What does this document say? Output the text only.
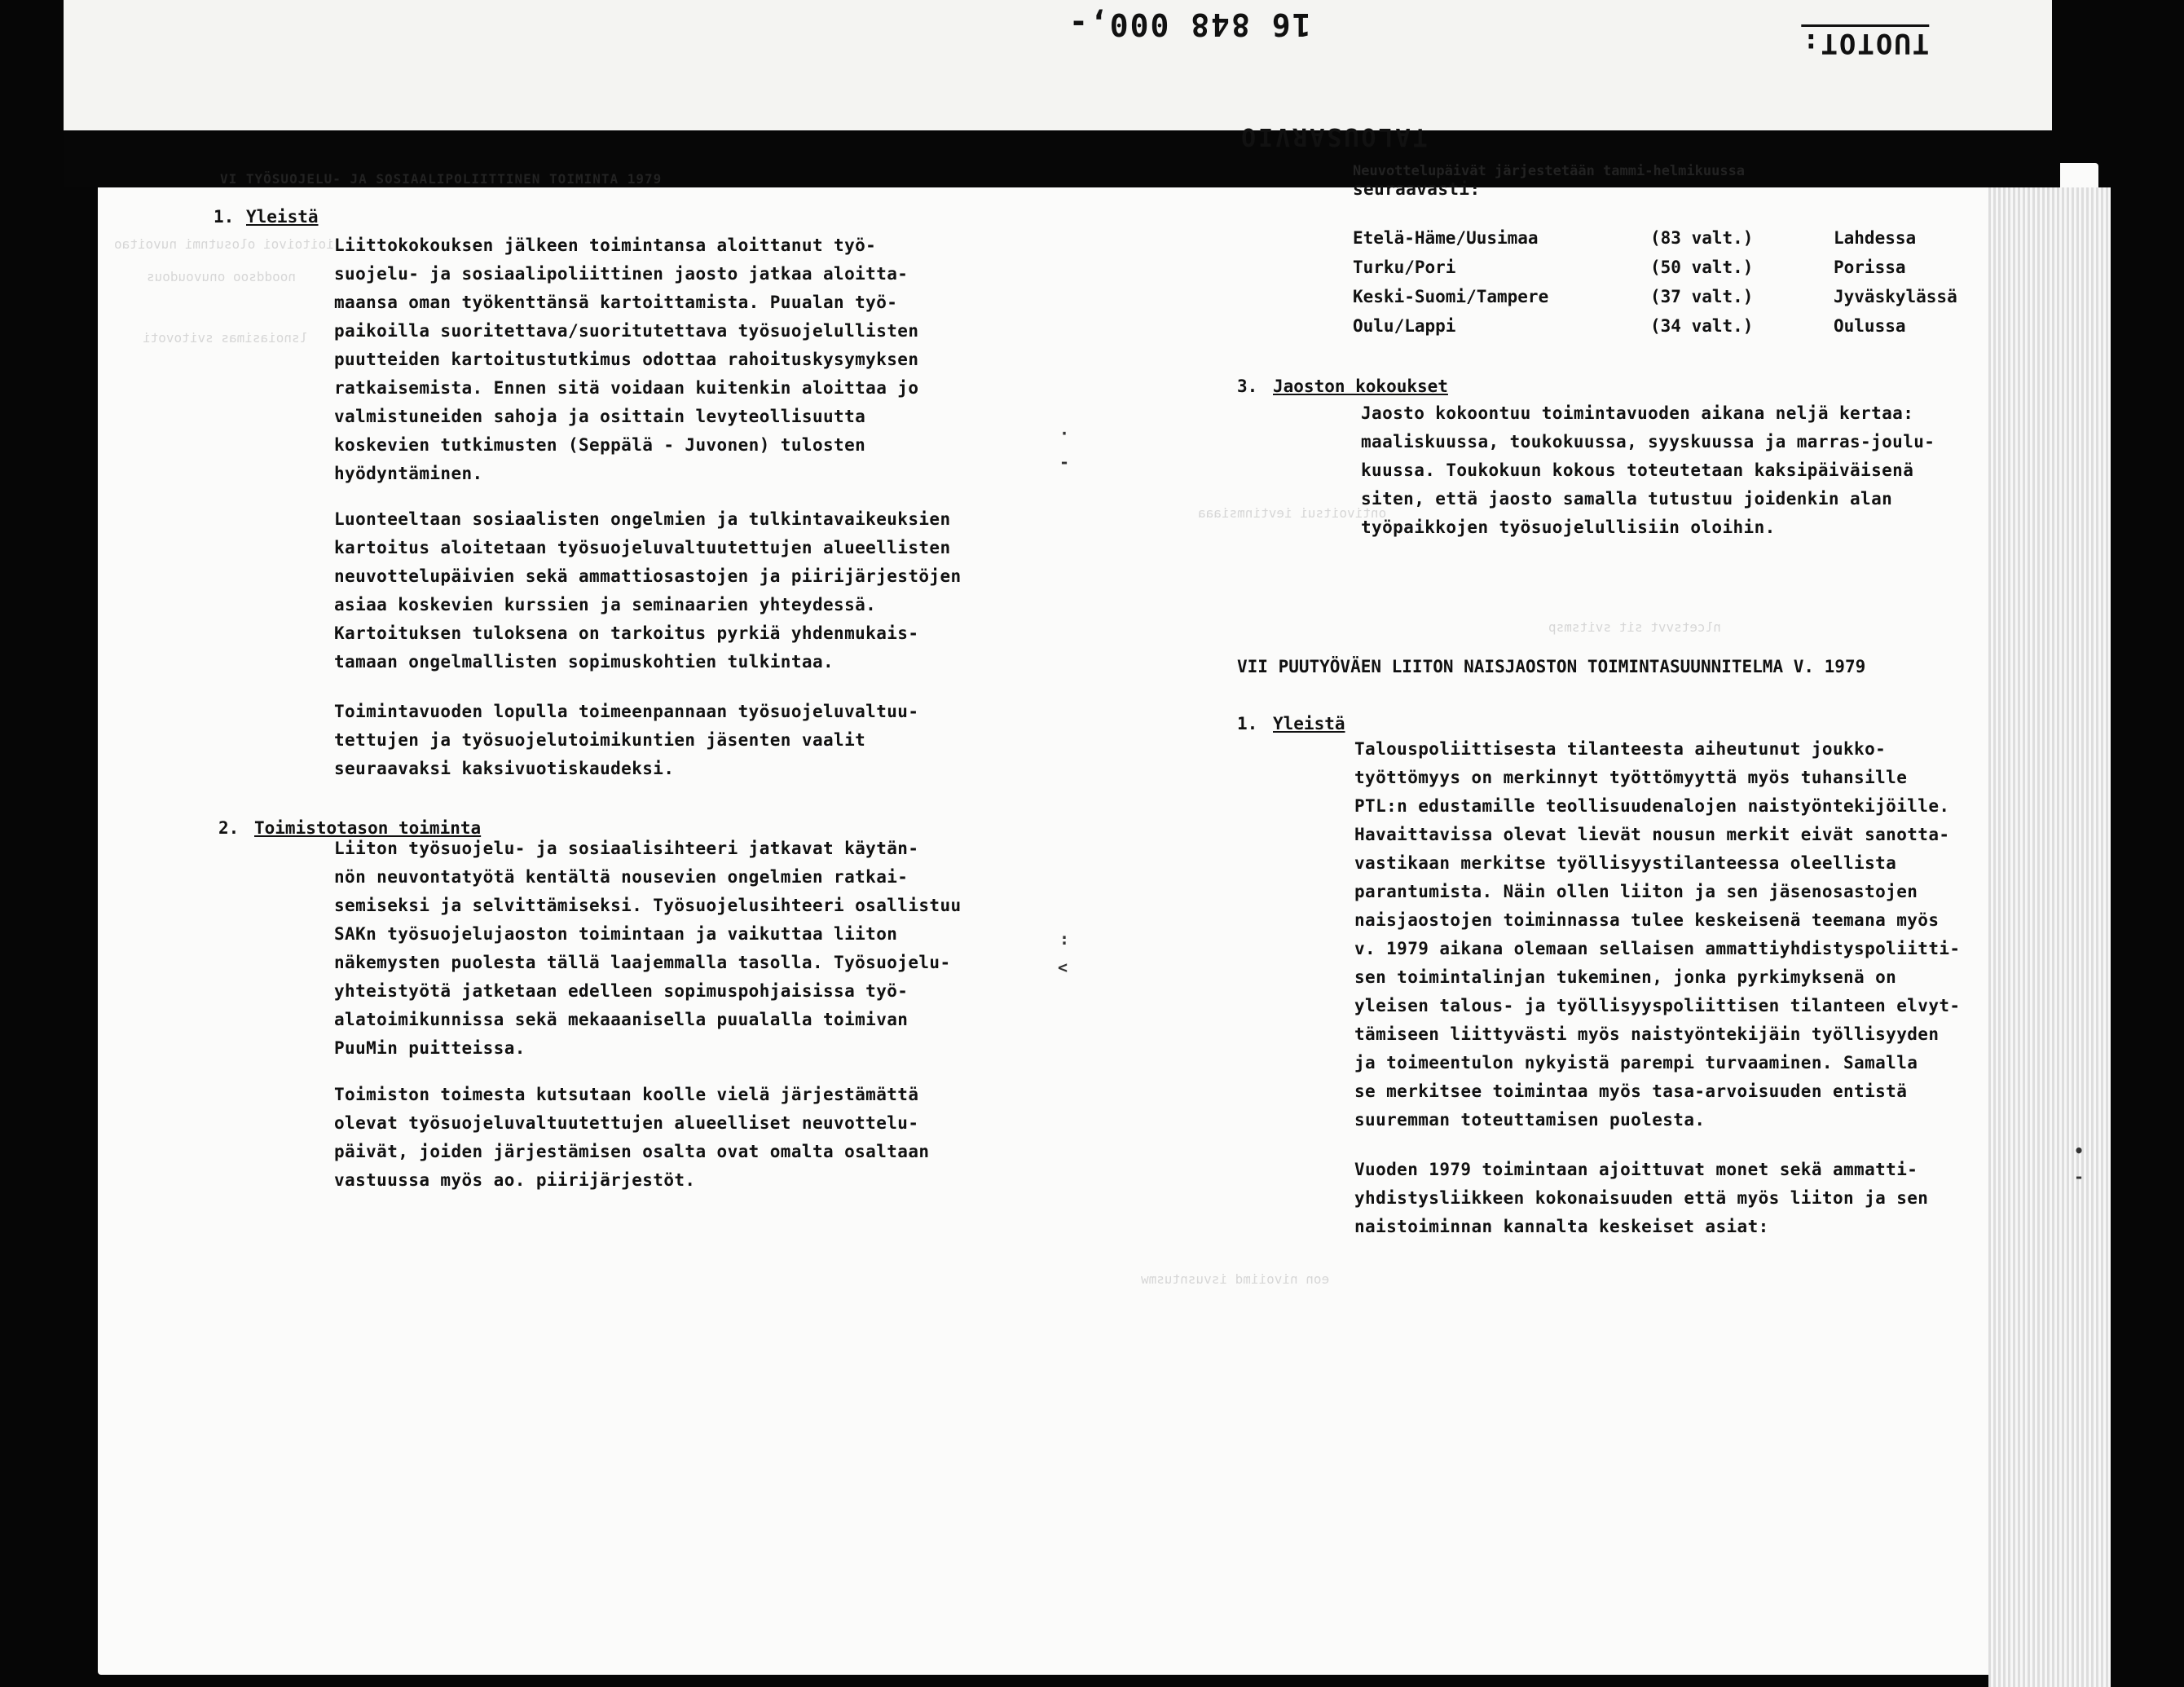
16 848 000,-
TUOTOT:
TALOUSARVIO
ioitoivoi olosutnmi nuvoitao
nooddsoo onuvoudous
lsnoiasimas svitovoti
ontivoitsui ievtinmsiaaa
nlcetsvvt sit svitsmsp
eon nivoiimd isvusntusmw
VI TYÖSUOJELU- JA SOSIAALIPOLIITTINEN TOIMINTA 1979
1. Yleistä
Liittokokouksen jälkeen toimintansa aloittanut työ-
suojelu- ja sosiaalipoliittinen jaosto jatkaa aloitta-
maansa oman työkenttänsä kartoittamista. Puualan työ-
paikoilla suoritettava/suoritutettava työsuojelullisten
puutteiden kartoitustutkimus odottaa rahoituskysymyksen
ratkaisemista. Ennen sitä voidaan kuitenkin aloittaa jo
valmistuneiden sahoja ja osittain levyteollisuutta
koskevien tutkimusten (Seppälä - Juvonen) tulosten
hyödyntäminen.
Luonteeltaan sosiaalisten ongelmien ja tulkintavaikeuksien
kartoitus aloitetaan työsuojeluvaltuutettujen alueellisten
neuvottelupäivien sekä ammattiosastojen ja piirijärjestöjen
asiaa koskevien kurssien ja seminaarien yhteydessä.
Kartoituksen tuloksena on tarkoitus pyrkiä yhdenmukais-
tamaan ongelmallisten sopimuskohtien tulkintaa.
Toimintavuoden lopulla toimeenpannaan työsuojeluvaltuu-
tettujen ja työsuojelutoimikuntien jäsenten vaalit
seuraavaksi kaksivuotiskaudeksi.
2. Toimistotason toiminta
Liiton työsuojelu- ja sosiaalisihteeri jatkavat käytän-
nön neuvontatyötä kentältä nousevien ongelmien ratkai-
semiseksi ja selvittämiseksi. Työsuojelusihteeri osallistuu
SAKn työsuojelujaoston toimintaan ja vaikuttaa liiton
näkemysten puolesta tällä laajemmalla tasolla. Työsuojelu-
yhteistyötä jatketaan edelleen sopimuspohjaisissa työ-
alatoimikunnissa sekä mekaaanisella puualalla toimivan
PuuMin puitteissa.
Toimiston toimesta kutsutaan koolle vielä järjestämättä
olevat työsuojeluvaltuutettujen alueelliset neuvottelu-
päivät, joiden järjestämisen osalta ovat omalta osaltaan
vastuussa myös ao. piirijärjestöt.
·
-
:
<
•
-
Neuvottelupäivät järjestetään tammi-helmikuussa
seuraavasti:
Etelä-Häme/Uusimaa	(83 valt.)	Lahdessa
Turku/Pori	(50 valt.)	Porissa
Keski-Suomi/Tampere	(37 valt.)	Jyväskylässä
Oulu/Lappi	(34 valt.)	Oulussa
3. Jaoston kokoukset
Jaosto kokoontuu toimintavuoden aikana neljä kertaa:
maaliskuussa, toukokuussa, syyskuussa ja marras-joulu-
kuussa. Toukokuun kokous toteutetaan kaksipäiväisenä
siten, että jaosto samalla tutustuu joidenkin alan
työpaikkojen työsuojelullisiin oloihin.
VII PUUTYÖVÄEN LIITON NAISJAOSTON TOIMINTASUUNNITELMA V. 1979
1. Yleistä
Talouspoliittisesta tilanteesta aiheutunut joukko-
työttömyys on merkinnyt työttömyyttä myös tuhansille
PTL:n edustamille teollisuudenalojen naistyöntekijöille.
Havaittavissa olevat lievät nousun merkit eivät sanotta-
vastikaan merkitse työllisyystilanteessa oleellista
parantumista. Näin ollen liiton ja sen jäsenosastojen
naisjaostojen toiminnassa tulee keskeisenä teemana myös
v. 1979 aikana olemaan sellaisen ammattiyhdistyspoliitti-
sen toimintalinjan tukeminen, jonka pyrkimyksenä on
yleisen talous- ja työllisyyspoliittisen tilanteen elvyt-
tämiseen liittyvästi myös naistyöntekijäin työllisyyden
ja toimeentulon nykyistä parempi turvaaminen. Samalla
se merkitsee toimintaa myös tasa-arvoisuuden entistä
suuremman toteuttamisen puolesta.
Vuoden 1979 toimintaan ajoittuvat monet sekä ammatti-
yhdistysliikkeen kokonaisuuden että myös liiton ja sen
naistoiminnan kannalta keskeiset asiat:
